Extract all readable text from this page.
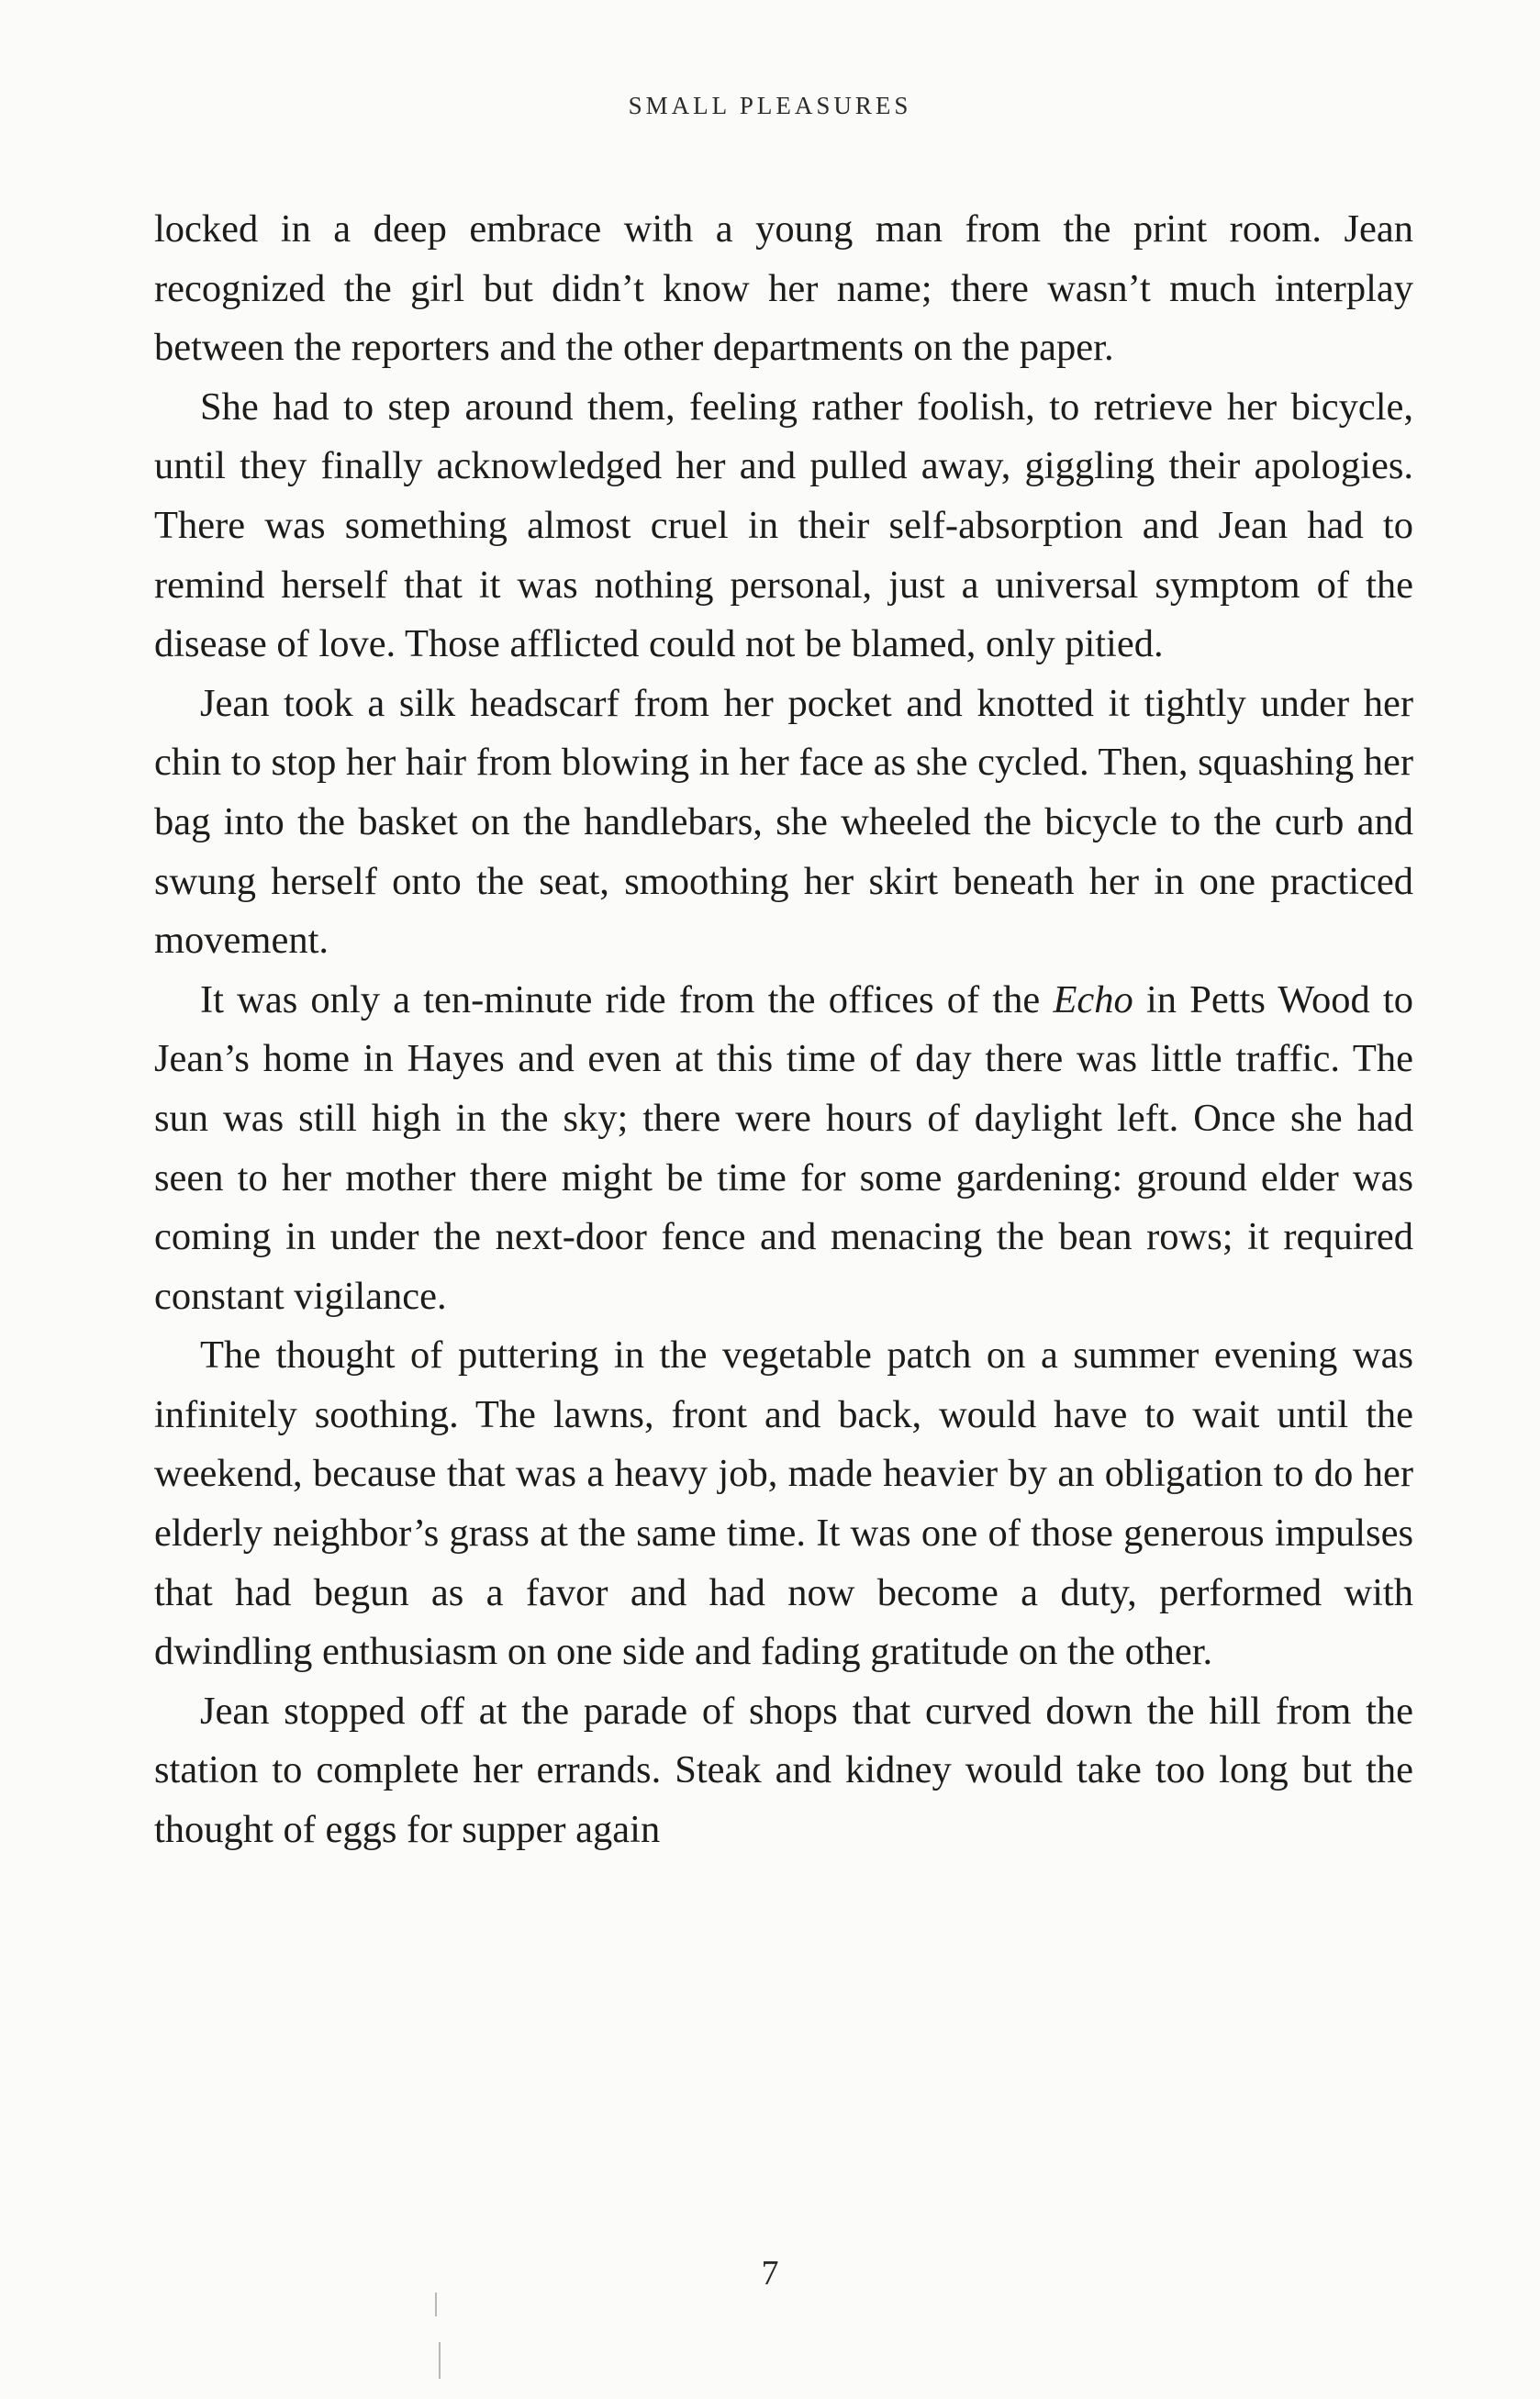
SMALL PLEASURES

locked in a deep embrace with a young man from the print room. Jean recognized the girl but didn’t know her name; there wasn’t much interplay between the reporters and the other departments on the paper.

She had to step around them, feeling rather foolish, to retrieve her bicycle, until they finally acknowledged her and pulled away, giggling their apologies. There was something almost cruel in their self-absorption and Jean had to remind herself that it was nothing personal, just a universal symptom of the disease of love. Those afflicted could not be blamed, only pitied.

Jean took a silk headscarf from her pocket and knotted it tightly under her chin to stop her hair from blowing in her face as she cycled. Then, squashing her bag into the basket on the handlebars, she wheeled the bicycle to the curb and swung herself onto the seat, smoothing her skirt beneath her in one practiced movement.

It was only a ten-minute ride from the offices of the Echo in Petts Wood to Jean’s home in Hayes and even at this time of day there was little traffic. The sun was still high in the sky; there were hours of daylight left. Once she had seen to her mother there might be time for some gardening: ground elder was coming in under the next-door fence and menacing the bean rows; it required constant vigilance.

The thought of puttering in the vegetable patch on a summer evening was infinitely soothing. The lawns, front and back, would have to wait until the weekend, because that was a heavy job, made heavier by an obligation to do her elderly neighbor’s grass at the same time. It was one of those generous impulses that had begun as a favor and had now become a duty, performed with dwindling enthusiasm on one side and fading gratitude on the other.

Jean stopped off at the parade of shops that curved down the hill from the station to complete her errands. Steak and kidney would take too long but the thought of eggs for supper again

7
